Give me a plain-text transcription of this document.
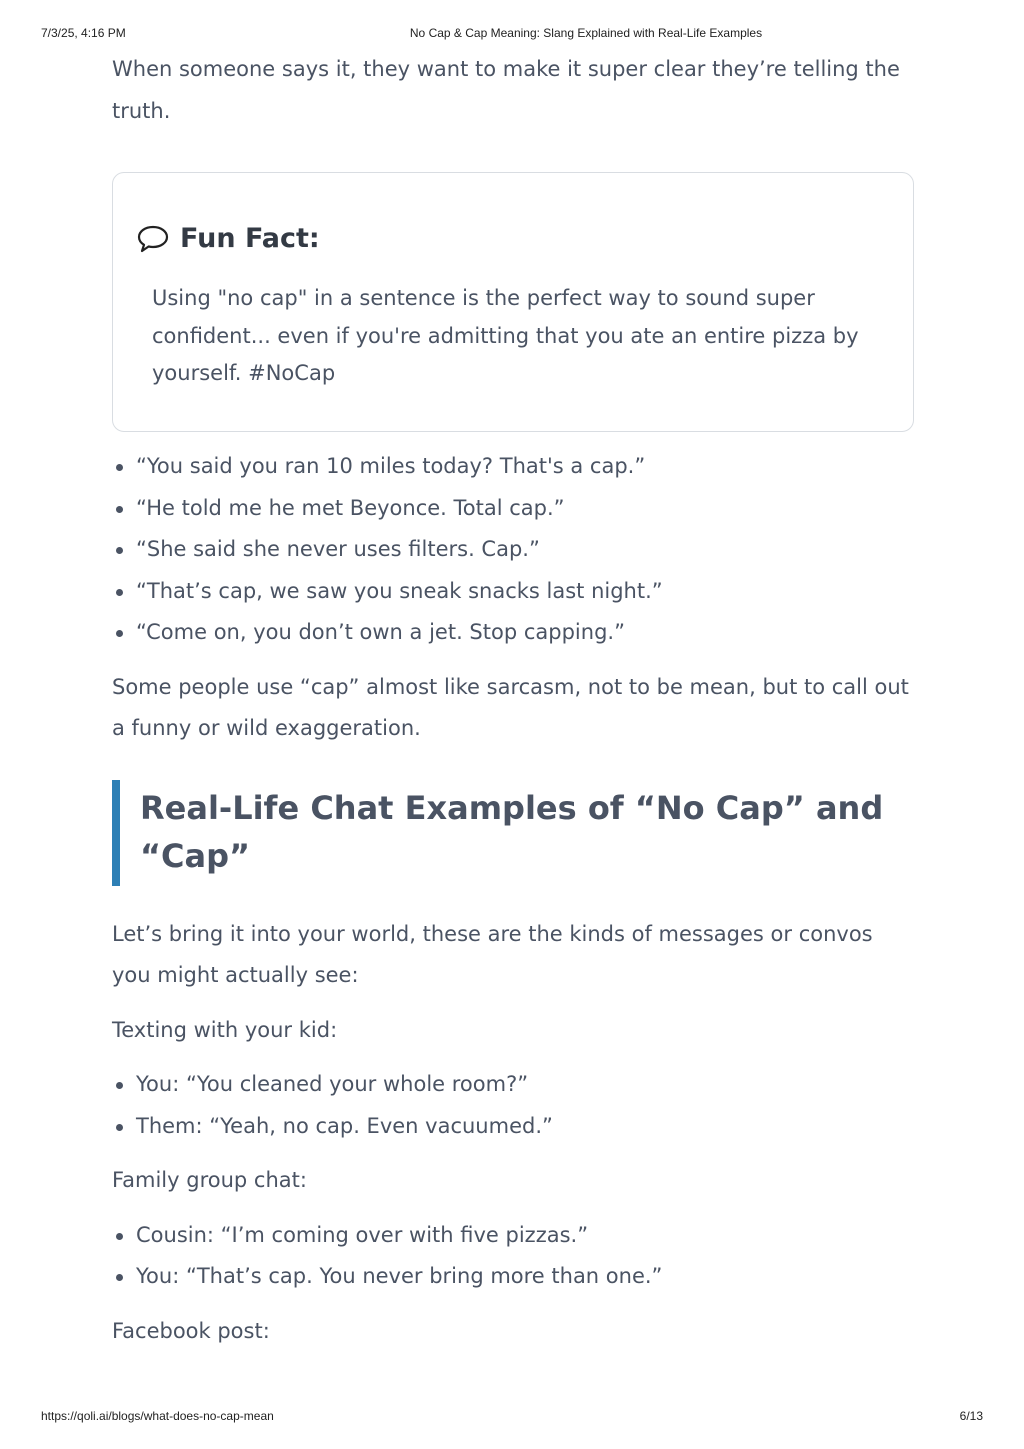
7/3/25, 4:16 PM	No Cap & Cap Meaning: Slang Explained with Real-Life Examples

When someone says it, they want to make it super clear they’re telling the truth.

Fun Fact:

Using "no cap" in a sentence is the perfect way to sound super confident... even if you're admitting that you ate an entire pizza by yourself. #NoCap

“You said you ran 10 miles today? That's a cap.”
“He told me he met Beyonce. Total cap.”
“She said she never uses filters. Cap.”
“That’s cap, we saw you sneak snacks last night.”
“Come on, you don’t own a jet. Stop capping.”

Some people use “cap” almost like sarcasm, not to be mean, but to call out a funny or wild exaggeration.

Real-Life Chat Examples of “No Cap” and “Cap”

Let’s bring it into your world, these are the kinds of messages or convos you might actually see:

Texting with your kid:

You: “You cleaned your whole room?”
Them: “Yeah, no cap. Even vacuumed.”

Family group chat:

Cousin: “I’m coming over with five pizzas.”
You: “That’s cap. You never bring more than one.”

Facebook post:

https://qoli.ai/blogs/what-does-no-cap-mean	6/13
